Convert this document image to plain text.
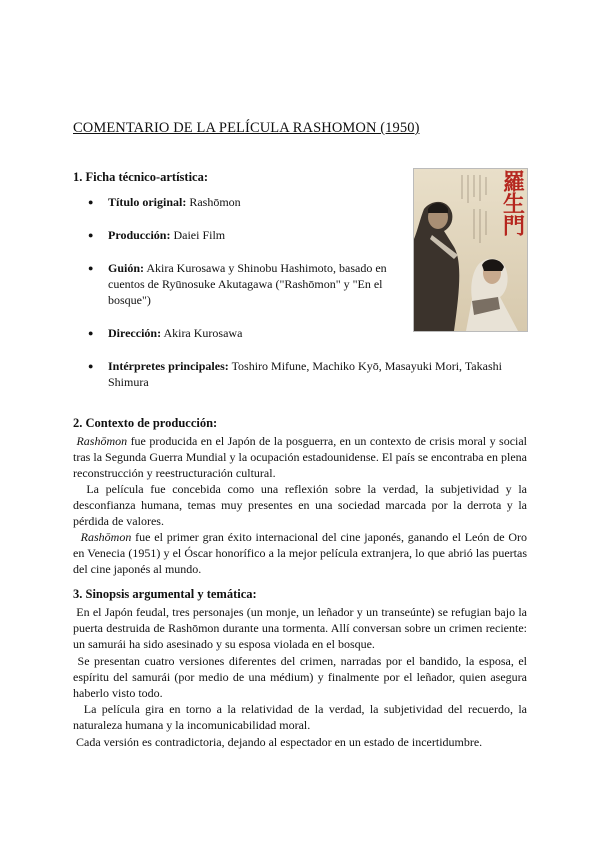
COMENTARIO DE LA PELÍCULA RASHOMON (1950)
1. Ficha técnico-artística:
● Título original: Rashōmon
● Producción: Daiei Film
● Guión: Akira Kurosawa y Shinobu Hashimoto, basado en cuentos de Ryūnosuke Akutagawa ("Rashōmon" y "En el bosque")
● Dirección: Akira Kurosawa
● Intérpretes principales: Toshiro Mifune, Machiko Kyō, Masayuki Mori, Takashi Shimura
羅生門
2. Contexto de producción:

Rashōmon fue producida en el Japón de la posguerra, en un contexto de crisis moral y social tras la Segunda Guerra Mundial y la ocupación estadounidense. El país se encontraba en plena reconstrucción y reestructuración cultural.

La película fue concebida como una reflexión sobre la verdad, la subjetividad y la desconfianza humana, temas muy presentes en una sociedad marcada por la derrota y la pérdida de valores.

Rashōmon fue el primer gran éxito internacional del cine japonés, ganando el León de Oro en Venecia (1951) y el Óscar honorífico a la mejor película extranjera, lo que abrió las puertas del cine japonés al mundo.

3. Sinopsis argumental y temática:

En el Japón feudal, tres personajes (un monje, un leñador y un transeúnte) se refugian bajo la puerta destruida de Rashōmon durante una tormenta. Allí conversan sobre un crimen reciente: un samurái ha sido asesinado y su esposa violada en el bosque.

Se presentan cuatro versiones diferentes del crimen, narradas por el bandido, la esposa, el espíritu del samurái (por medio de una médium) y finalmente por el leñador, quien asegura haberlo visto todo.

La película gira en torno a la relatividad de la verdad, la subjetividad del recuerdo, la naturaleza humana y la incomunicabilidad moral.

Cada versión es contradictoria, dejando al espectador en un estado de incertidumbre.
